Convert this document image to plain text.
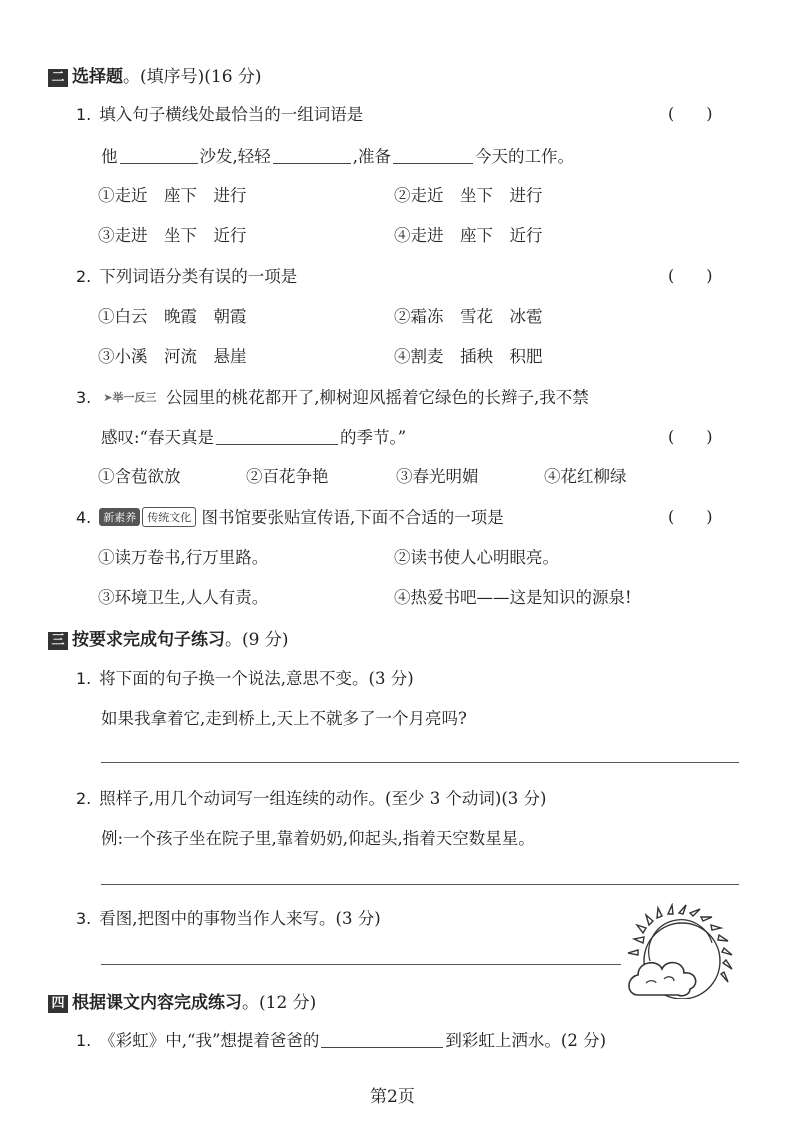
二 选择题。(填序号)(16 分)
1. 填入句子横线处最恰当的一组词语是	(　　)
他	沙发,轻轻	,准备	今天的工作。
①走近　座下　进行	②走近　坐下　进行
③走进　坐下　近行	④走进　座下　近行
2. 下列词语分类有误的一项是	(　　)
①白云　晚霞　朝霞	②霜冻　雪花　冰雹
③小溪　河流　悬崖	④割麦　插秧　积肥
3. ➤举一反三 公园里的桃花都开了,柳树迎风摇着它绿色的长辫子,我不禁
感叹:“春天真是	的季节。”	(　　)
①含苞欲放	②百花争艳	③春光明媚	④花红柳绿
4. 新素养 传统文化 图书馆要张贴宣传语,下面不合适的一项是	(　　)
①读万卷书,行万里路。	②读书使人心明眼亮。
③环境卫生,人人有责。	④热爱书吧——这是知识的源泉!
三 按要求完成句子练习。(9 分)
1. 将下面的句子换一个说法,意思不变。(3 分)
如果我拿着它,走到桥上,天上不就多了一个月亮吗?
2. 照样子,用几个动词写一组连续的动作。(至少 3 个动词)(3 分)
例:一个孩子坐在院子里,靠着奶奶,仰起头,指着天空数星星。
3. 看图,把图中的事物当作人来写。(3 分)
四 根据课文内容完成练习。(12 分)
1. 《彩虹》中,“我”想提着爸爸的	到彩虹上洒水。(2 分)
第2页
